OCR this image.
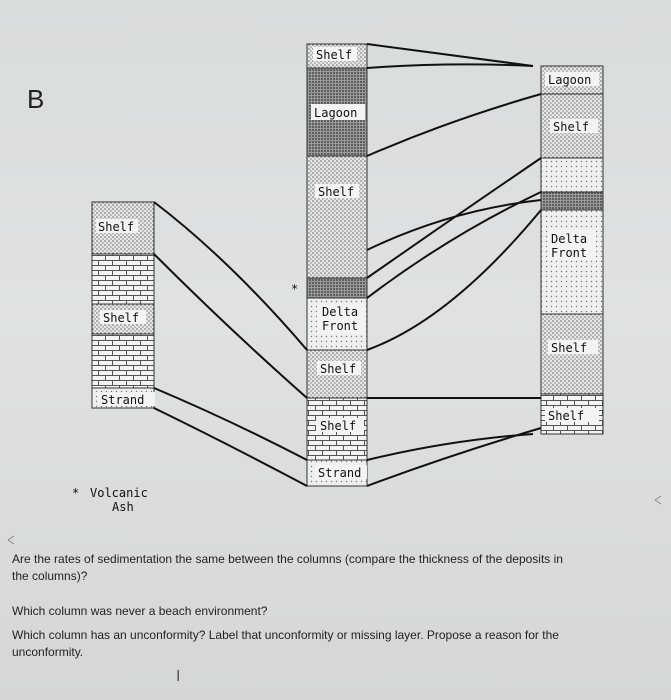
B
Shelf
Shelf
Strand
Shelf
Lagoon
Shelf
Delta
Front
Shelf
Shelf
Strand
*
Lagoon
Shelf
Delta
Front
Shelf
Shelf
* Volcanic
Ash
Are the rates of sedimentation the same between the columns (compare the thickness of the deposits in
the columns)?
Which column was never a beach environment?
Which column has an unconformity? Label that unconformity or missing layer. Propose a reason for the
unconformity.
I
